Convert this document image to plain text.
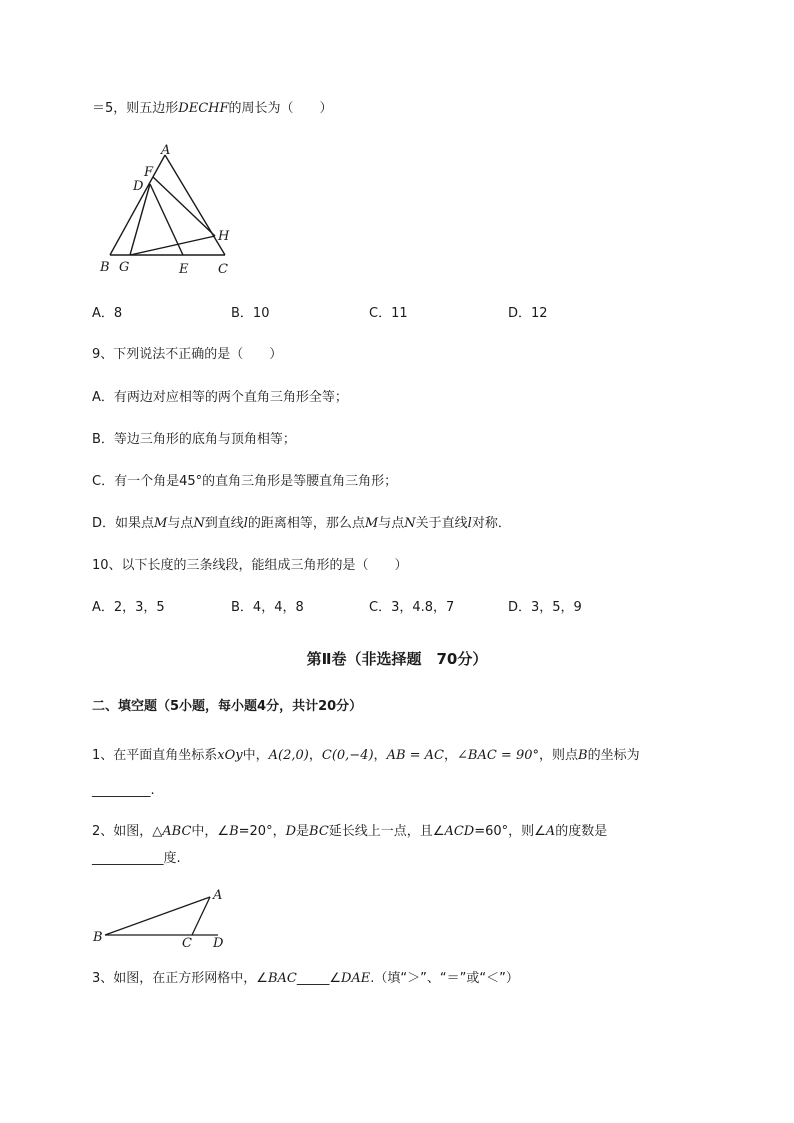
＝5，则五边形DECHF的周长为（　　）
A
F
D
H
B G	E C
A．8	B．10	C．11	D．12
9、下列说法不正确的是（　　）
A．有两边对应相等的两个直角三角形全等；
B．等边三角形的底角与顶角相等；
C．有一个角是45°的直角三角形是等腰直角三角形；
D．如果点M与点N到直线l的距离相等，那么点M与点N关于直线l对称．
10、以下长度的三条线段，能组成三角形的是（　　）
A．2，3，5	B．4，4，8	C．3，4.8，7	D．3，5，9
第Ⅱ卷（非选择题　70分）
二、填空题（5小题，每小题4分，共计20分）
1、在平面直角坐标系xOy中，A(2,0)，C(0,−4)，AB = AC，∠BAC = 90°，则点B的坐标为
_________.
2、如图，△ABC中，∠B=20°，D是BC延长线上一点，且∠ACD=60°，则∠A的度数是
___________度.
A
B	C D
3、如图，在正方形网格中，∠BAC_____∠DAE.（填“＞”、“＝”或“＜”）
